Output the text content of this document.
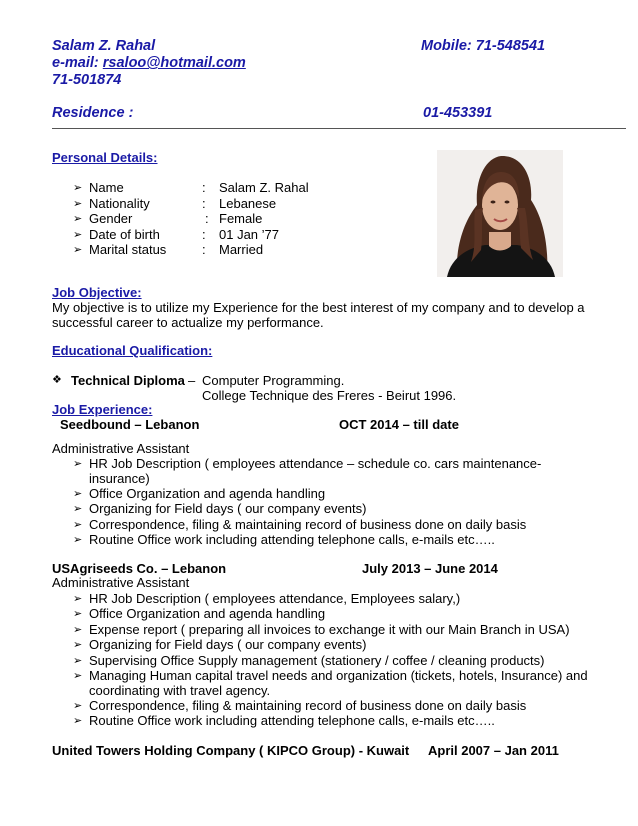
Salam Z. Rahal	Mobile: 71-548541
e-mail: rsaloo@hotmail.com
71-501874
Residence :	01-453391
Personal Details:
➢ Name	: Salam Z. Rahal
➢ Nationality	: Lebanese
➢ Gender	: Female
➢ Date of birth	: 01 Jan ’77
➢ Marital status	: Married
Job Objective:
My objective is to utilize my Experience for the best interest of my company and to develop a
successful career to actualize my performance.
Educational Qualification:
❖ Technical Diploma – Computer Programming.
College Technique des Freres - Beirut 1996.
Job Experience:
Seedbound – Lebanon	OCT 2014 – till date
Administrative Assistant
➢ HR Job Description ( employees attendance – schedule co. cars maintenance-
insurance)
➢ Office Organization and agenda handling
➢ Organizing for Field days ( our company events)
➢ Correspondence, filing & maintaining record of business done on daily basis
➢ Routine Office work including attending telephone calls, e-mails etc…..
USAgriseeds Co. – Lebanon	July 2013 – June 2014
Administrative Assistant
➢ HR Job Description ( employees attendance, Employees salary,)
➢ Office Organization and agenda handling
➢ Expense report ( preparing all invoices to exchange it with our Main Branch in USA)
➢ Organizing for Field days ( our company events)
➢ Supervising Office Supply management (stationery / coffee / cleaning products)
➢ Managing Human capital travel needs and organization (tickets, hotels, Insurance) and
coordinating with travel agency.
➢ Correspondence, filing & maintaining record of business done on daily basis
➢ Routine Office work including attending telephone calls, e-mails etc…..
United Towers Holding Company ( KIPCO Group) - Kuwait April 2007 – Jan 2011
